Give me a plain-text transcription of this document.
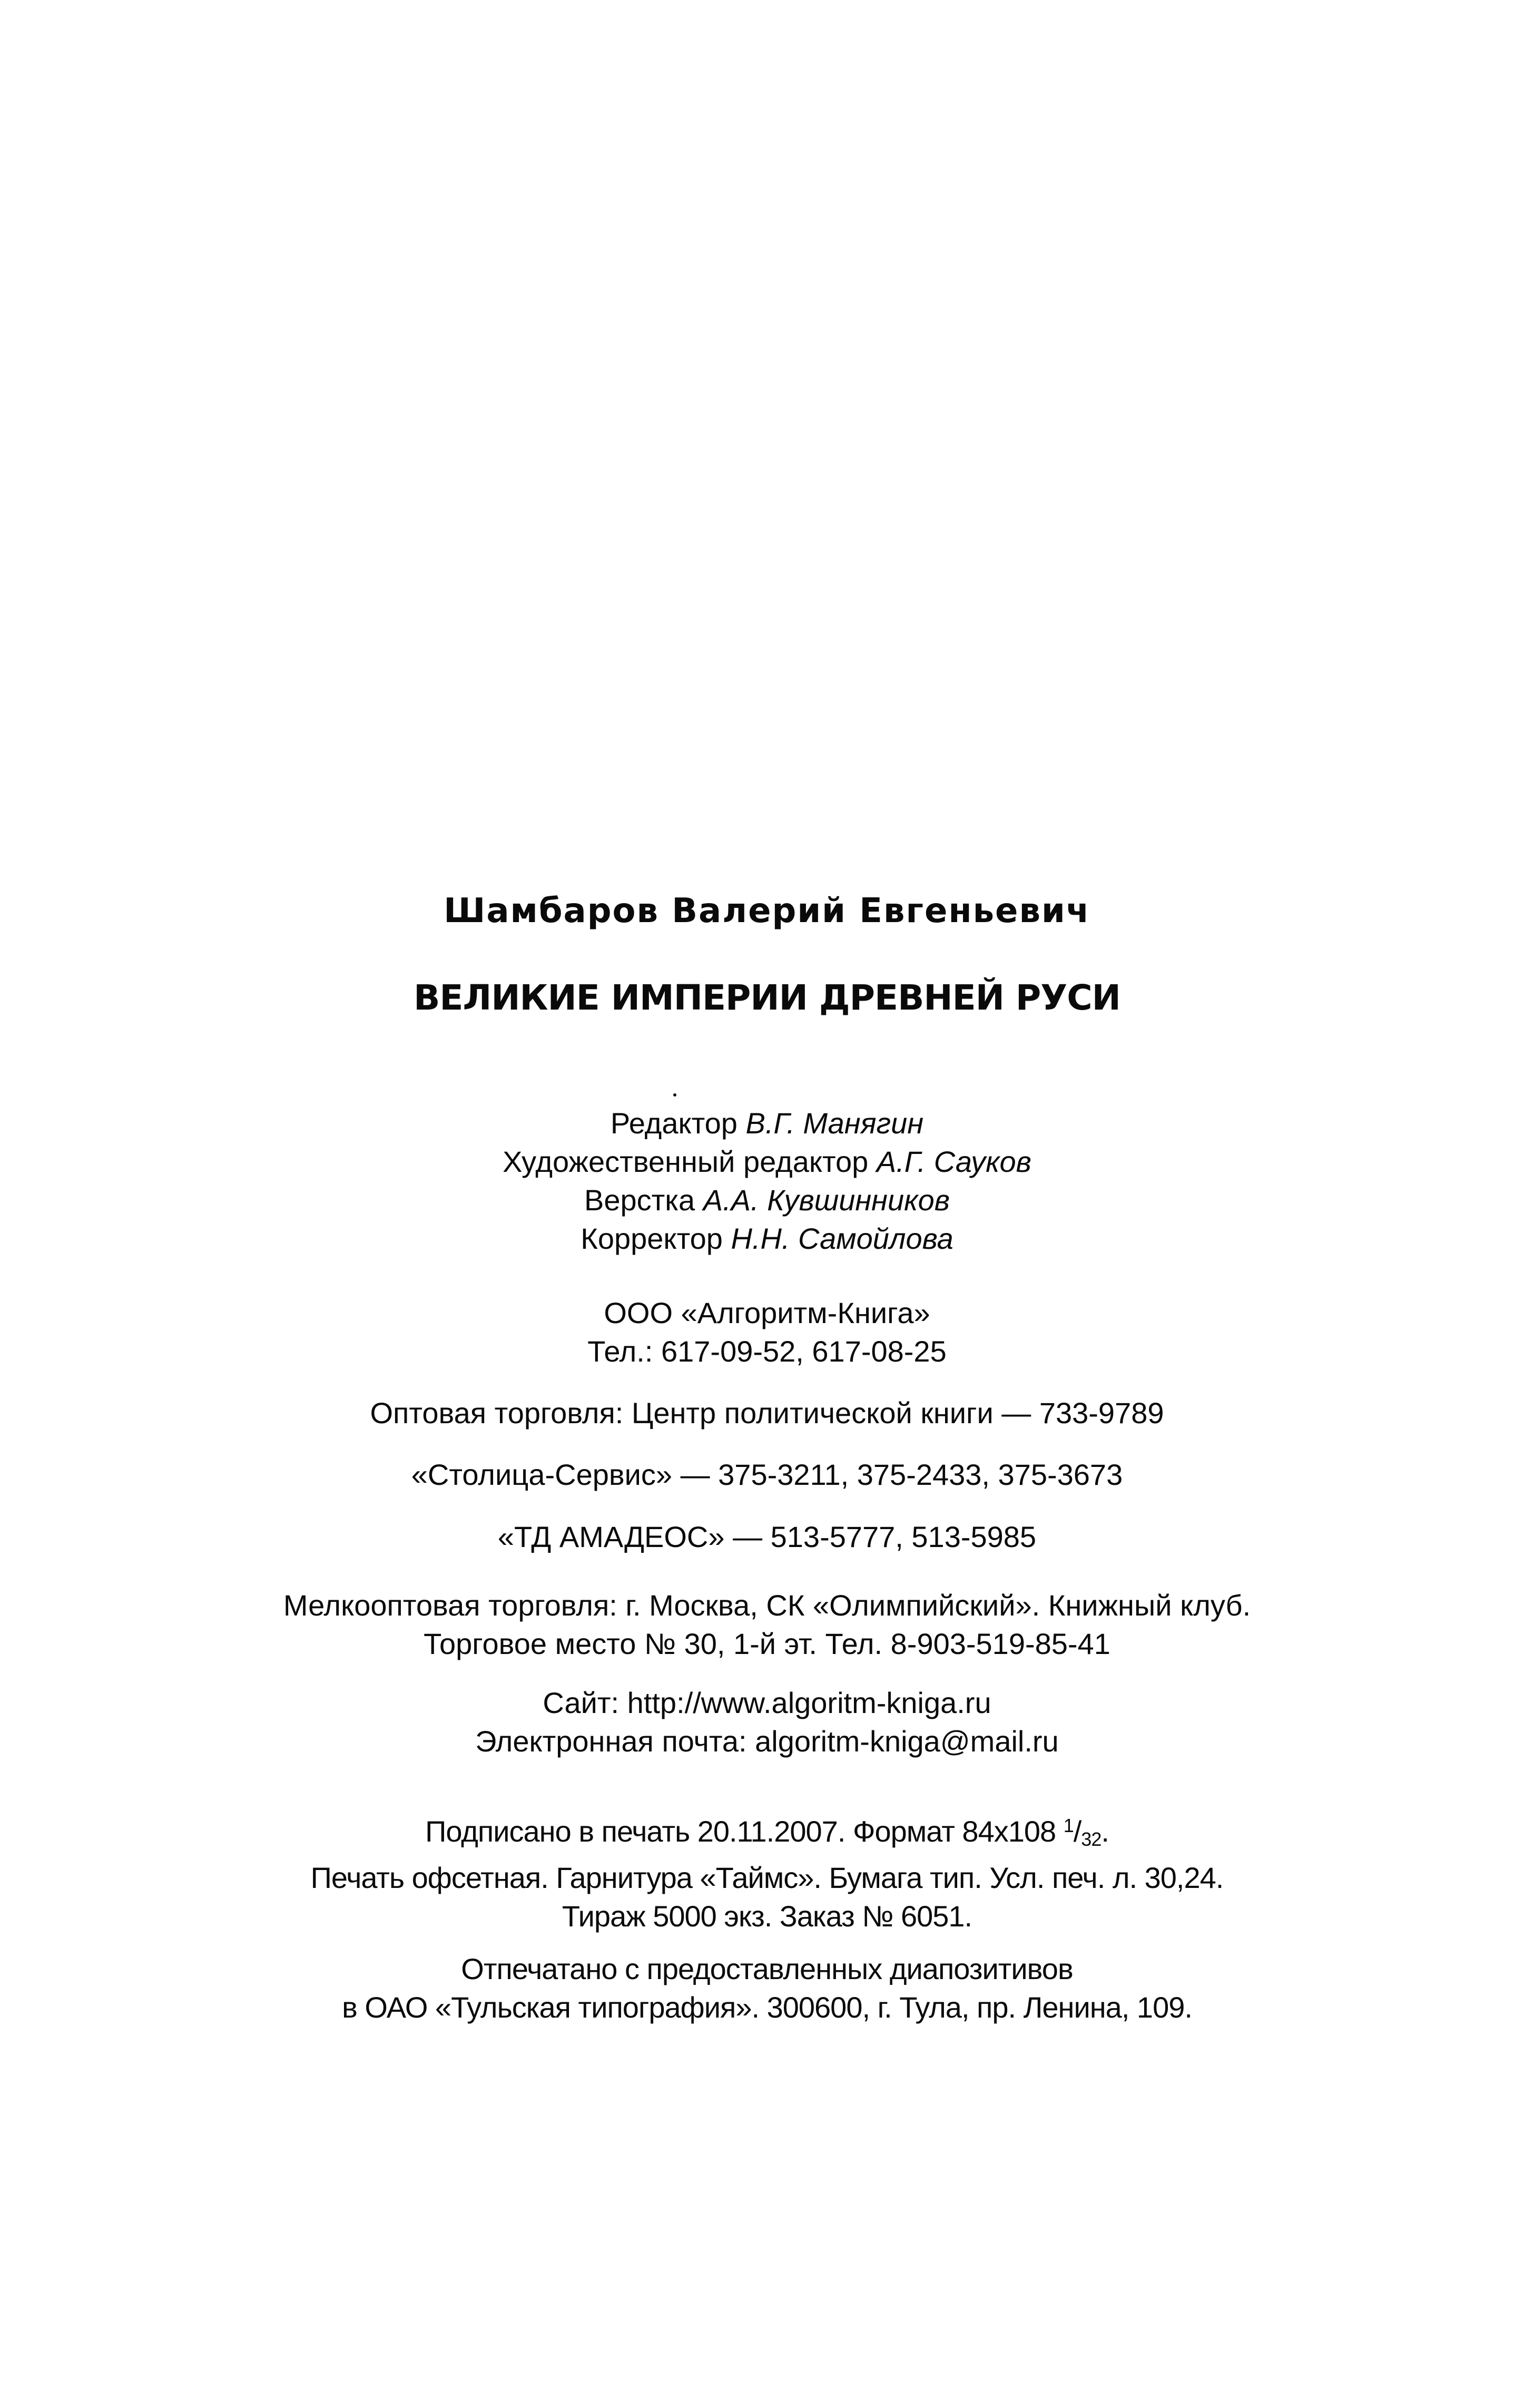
Шамбаров Валерий Евгеньевич
ВЕЛИКИЕ ИМПЕРИИ ДРЕВНЕЙ РУСИ
Редактор В.Г. Манягин
Художественный редактор А.Г. Сауков
Верстка А.А. Кувшинников
Корректор Н.Н. Самойлова
ООО «Алгоритм-Книга»
Тел.: 617-09-52, 617-08-25
Оптовая торговля: Центр политической книги — 733-9789
«Столица-Сервис» — 375-3211, 375-2433, 375-3673
«ТД АМАДЕОС» — 513-5777, 513-5985
Мелкооптовая торговля: г. Москва, СК «Олимпийский». Книжный клуб.
Торговое место № 30, 1-й эт. Тел. 8-903-519-85-41
Сайт: http://www.algoritm-kniga.ru
Электронная почта: algoritm-kniga@mail.ru
Подписано в печать 20.11.2007. Формат 84x108 $^1/_{32}$.
Печать офсетная. Гарнитура «Таймс». Бумага тип. Усл. печ. л. 30,24.
Тираж 5000 экз. Заказ № 6051.
Отпечатано с предоставленных диапозитивов
в ОАО «Тульская типография». 300600, г. Тула, пр. Ленина, 109.
